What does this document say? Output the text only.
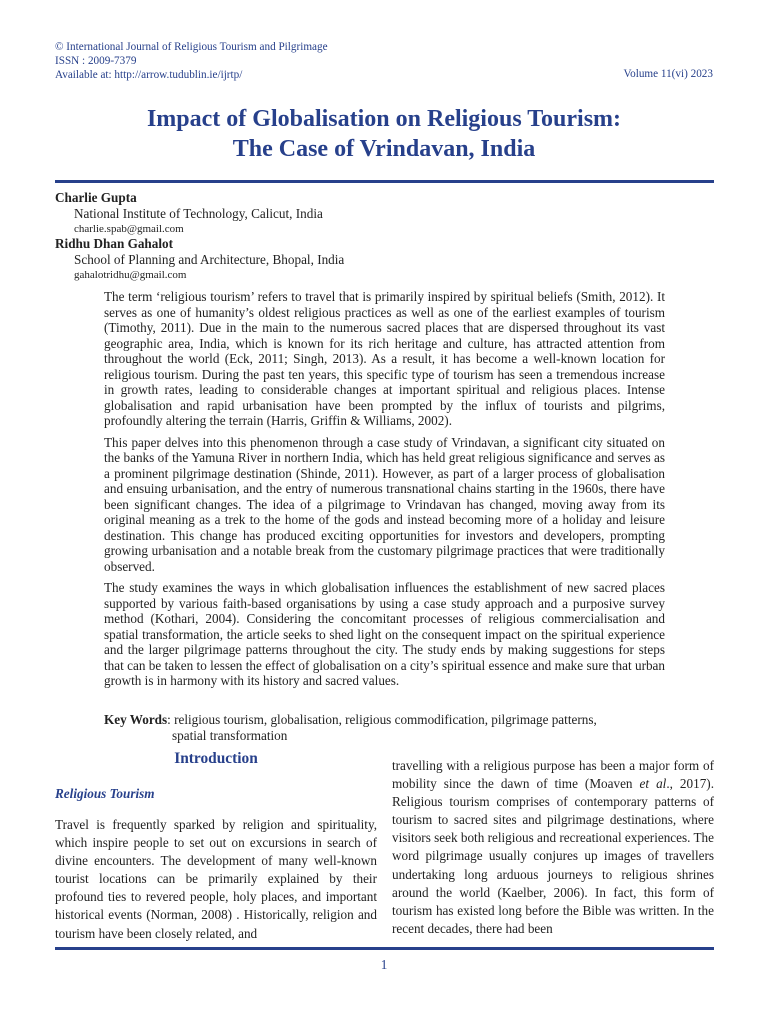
© International Journal of Religious Tourism and Pilgrimage
ISSN : 2009-7379
Available at: http://arrow.tudublin.ie/ijrtp/	Volume 11(vi) 2023
Impact of Globalisation on Religious Tourism:
The Case of Vrindavan, India
Charlie Gupta
National Institute of Technology, Calicut, India
charlie.spab@gmail.com
Ridhu Dhan Gahalot
School of Planning and Architecture, Bhopal, India
gahalotridhu@gmail.com

The term ‘religious tourism’ refers to travel that is primarily inspired by spiritual beliefs (Smith, 2012). It serves as one of humanity’s oldest religious practices as well as one of the earliest examples of tourism (Timothy, 2011). Due in the main to the numerous sacred places that are dispersed throughout its vast geographic area, India, which is known for its rich heritage and culture, has attracted attention from throughout the world (Eck, 2011; Singh, 2013). As a result, it has become a well-known location for religious tourism. During the past ten years, this specific type of tourism has seen a tremendous increase in growth rates, leading to considerable changes at important spiritual and religious places. Intense globalisation and rapid urbanisation have been prompted by the influx of tourists and pilgrims, profoundly altering the terrain (Harris, Griffin & Williams, 2002).

This paper delves into this phenomenon through a case study of Vrindavan, a significant city situated on the banks of the Yamuna River in northern India, which has held great religious significance and serves as a prominent pilgrimage destination (Shinde, 2011). However, as part of a larger process of globalisation and ensuing urbanisation, and the entry of numerous transnational chains starting in the 1960s, there have been significant changes. The idea of a pilgrimage to Vrindavan has changed, moving away from its original meaning as a trek to the home of the gods and instead becoming more of a holiday and leisure destination. This change has produced exciting opportunities for investors and developers, prompting growing urbanisation and a notable break from the customary pilgrimage practices that were traditionally observed.

The study examines the ways in which globalisation influences the establishment of new sacred places supported by various faith-based organisations by using a case study approach and a purposive survey method (Kothari, 2004). Considering the concomitant processes of religious commercialisation and spatial transformation, the article seeks to shed light on the consequent impact on the spiritual experience and the larger pilgrimage patterns throughout the city. The study ends by making suggestions for steps that can be taken to lessen the effect of globalisation on a city’s spiritual essence and make sure that urban growth is in harmony with its history and sacred values.

Key Words: religious tourism, globalisation, religious commodification, pilgrimage patterns,
spatial transformation
Introduction
Religious Tourism

Travel is frequently sparked by religion and spirituality, which inspire people to set out on excursions in search of divine encounters. The development of many well-known tourist locations can be primarily explained by their profound ties to revered people, holy places, and important historical events (Norman, 2008) . Historically, religion and tourism have been closely related, and

travelling with a religious purpose has been a major form of mobility since the dawn of time (Moaven et al., 2017). Religious tourism comprises of contemporary patterns of tourism to sacred sites and pilgrimage destinations, where visitors seek both religious and recreational experiences. The word pilgrimage usually conjures up images of travellers undertaking long arduous journeys to religious shrines around the world (Kaelber, 2006). In fact, this form of tourism has existed long before the Bible was written. In the recent decades, there had been
1
